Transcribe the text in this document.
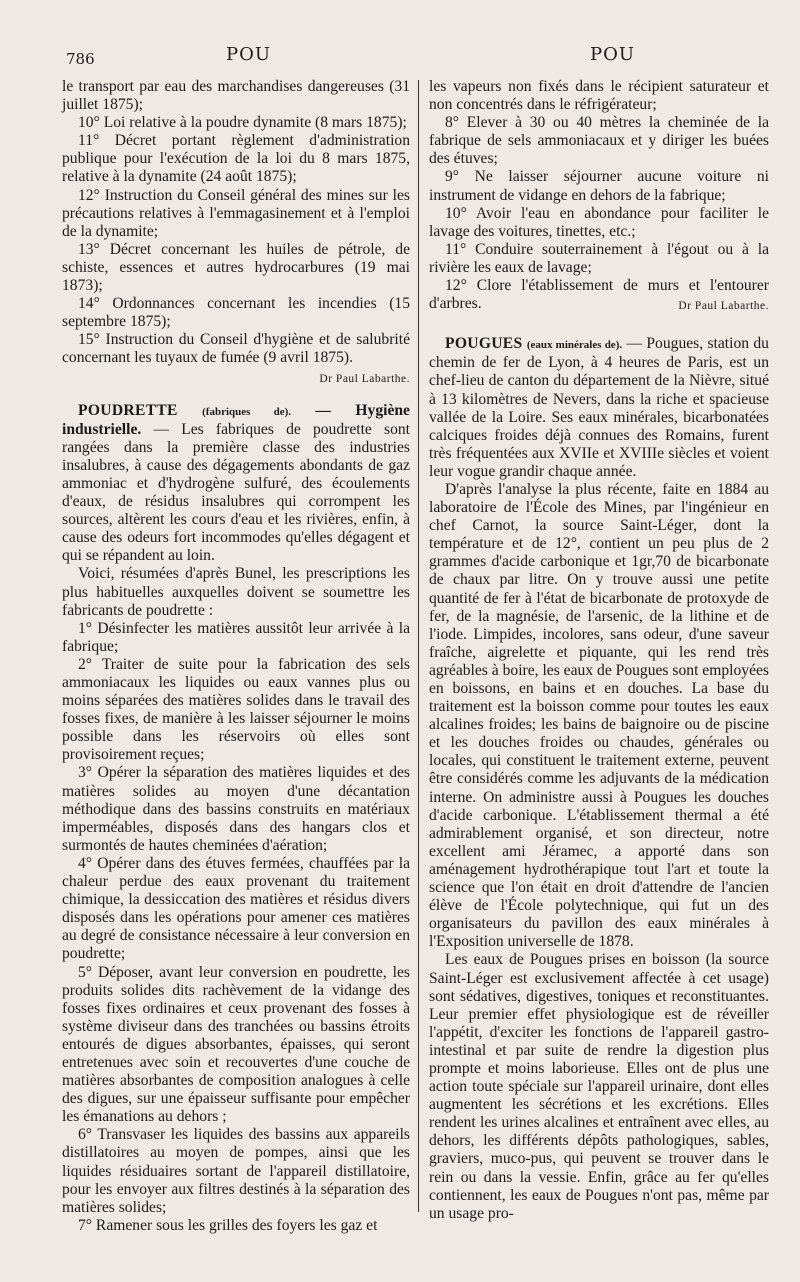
786	POU	POU

le transport par eau des marchandises dangereuses (31 juillet 1875);

10° Loi relative à la poudre dynamite (8 mars 1875);

11° Décret portant règlement d'administration publique pour l'exécution de la loi du 8 mars 1875, relative à la dynamite (24 août 1875);

12° Instruction du Conseil général des mines sur les précautions relatives à l'emmagasinement et à l'emploi de la dynamite;

13° Décret concernant les huiles de pétrole, de schiste, essences et autres hydrocarbures (19 mai 1873);

14° Ordonnances concernant les incendies (15 septembre 1875);

15° Instruction du Conseil d'hygiène et de salubrité concernant les tuyaux de fumée (9 avril 1875).

Dr Paul Labarthe.

POUDRETTE (fabriques de). — Hygiène industrielle. — Les fabriques de poudrette sont rangées dans la première classe des industries insalubres, à cause des dégagements abondants de gaz ammoniac et d'hydrogène sulfuré, des écoulements d'eaux, de résidus insalubres qui corrompent les sources, altèrent les cours d'eau et les rivières, enfin, à cause des odeurs fort incommodes qu'elles dégagent et qui se répandent au loin.

Voici, résumées d'après Bunel, les prescriptions les plus habituelles auxquelles doivent se soumettre les fabricants de poudrette :

1° Désinfecter les matières aussitôt leur arrivée à la fabrique;

2° Traiter de suite pour la fabrication des sels ammoniacaux les liquides ou eaux vannes plus ou moins séparées des matières solides dans le travail des fosses fixes, de manière à les laisser séjourner le moins possible dans les réservoirs où elles sont provisoirement reçues;

3° Opérer la séparation des matières liquides et des matières solides au moyen d'une décantation méthodique dans des bassins construits en matériaux imperméables, disposés dans des hangars clos et surmontés de hautes cheminées d'aération;

4° Opérer dans des étuves fermées, chauffées par la chaleur perdue des eaux provenant du traitement chimique, la dessiccation des matières et résidus divers disposés dans les opérations pour amener ces matières au degré de consistance nécessaire à leur conversion en poudrette;

5° Déposer, avant leur conversion en poudrette, les produits solides dits rachèvement de la vidange des fosses fixes ordinaires et ceux provenant des fosses à système diviseur dans des tranchées ou bassins étroits entourés de digues absorbantes, épaisses, qui seront entretenues avec soin et recouvertes d'une couche de matières absorbantes de composition analogues à celle des digues, sur une épaisseur suffisante pour empêcher les émanations au dehors ;

6° Transvaser les liquides des bassins aux appareils distillatoires au moyen de pompes, ainsi que les liquides résiduaires sortant de l'appareil distillatoire, pour les envoyer aux filtres destinés à la séparation des matières solides;

7° Ramener sous les grilles des foyers les gaz et

les vapeurs non fixés dans le récipient saturateur et non concentrés dans le réfrigérateur;

8° Elever à 30 ou 40 mètres la cheminée de la fabrique de sels ammoniacaux et y diriger les buées des étuves;

9° Ne laisser séjourner aucune voiture ni instrument de vidange en dehors de la fabrique;

10° Avoir l'eau en abondance pour faciliter le lavage des voitures, tinettes, etc.;

11° Conduire souterrainement à l'égout ou à la rivière les eaux de lavage;

12° Clore l'établissement de murs et l'entourer d'arbres.	Dr Paul Labarthe.

POUGUES (eaux minérales de). — Pougues, station du chemin de fer de Lyon, à 4 heures de Paris, est un chef-lieu de canton du département de la Nièvre, situé à 13 kilomètres de Nevers, dans la riche et spacieuse vallée de la Loire. Ses eaux minérales, bicarbonatées calciques froides déjà connues des Romains, furent très fréquentées aux XVIIe et XVIIIe siècles et voient leur vogue grandir chaque année.

D'après l'analyse la plus récente, faite en 1884 au laboratoire de l'École des Mines, par l'ingénieur en chef Carnot, la source Saint-Léger, dont la température et de 12°, contient un peu plus de 2 grammes d'acide carbonique et 1gr,70 de bicarbonate de chaux par litre. On y trouve aussi une petite quantité de fer à l'état de bicarbonate de protoxyde de fer, de la magnésie, de l'arsenic, de la lithine et de l'iode. Limpides, incolores, sans odeur, d'une saveur fraîche, aigrelette et piquante, qui les rend très agréables à boire, les eaux de Pougues sont employées en boissons, en bains et en douches. La base du traitement est la boisson comme pour toutes les eaux alcalines froides; les bains de baignoire ou de piscine et les douches froides ou chaudes, générales ou locales, qui constituent le traitement externe, peuvent être considérés comme les adjuvants de la médication interne. On administre aussi à Pougues les douches d'acide carbonique. L'établissement thermal a été admirablement organisé, et son directeur, notre excellent ami Jéramec, a apporté dans son aménagement hydrothérapique tout l'art et toute la science que l'on était en droit d'attendre de l'ancien élève de l'École polytechnique, qui fut un des organisateurs du pavillon des eaux minérales à l'Exposition universelle de 1878.

Les eaux de Pougues prises en boisson (la source Saint-Léger est exclusivement affectée à cet usage) sont sédatives, digestives, toniques et reconstituantes. Leur premier effet physiologique est de réveiller l'appétit, d'exciter les fonctions de l'appareil gastro-intestinal et par suite de rendre la digestion plus prompte et moins laborieuse. Elles ont de plus une action toute spéciale sur l'appareil urinaire, dont elles augmentent les sécrétions et les excrétions. Elles rendent les urines alcalines et entraînent avec elles, au dehors, les différents dépôts pathologiques, sables, graviers, muco-pus, qui peuvent se trouver dans le rein ou dans la vessie. Enfin, grâce au fer qu'elles contiennent, les eaux de Pougues n'ont pas, même par un usage pro-
